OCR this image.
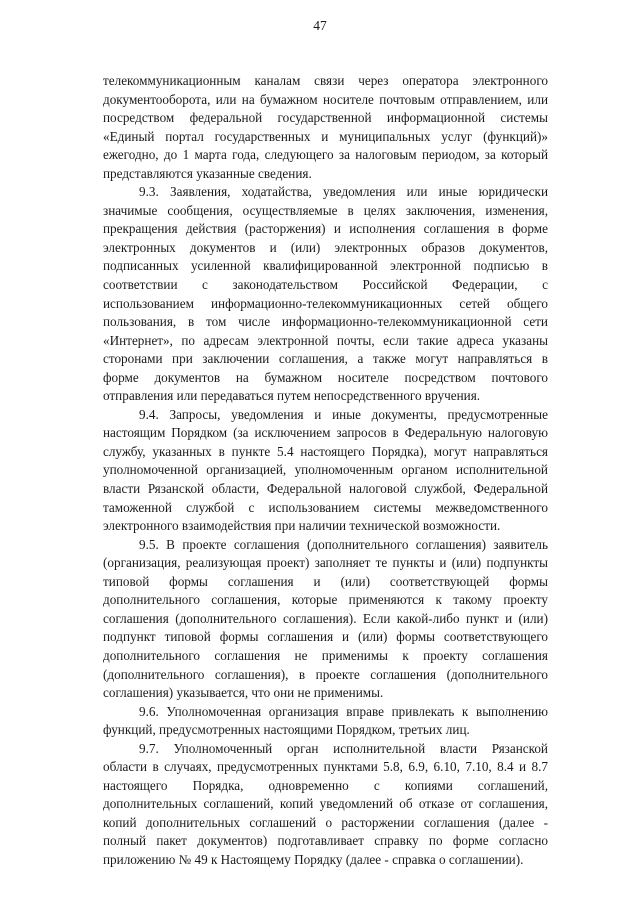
47
телекоммуникационным каналам связи через оператора электронного
документооборота, или на бумажном носителе почтовым отправлением, или
посредством федеральной государственной информационной системы
«Единый портал государственных и муниципальных услуг (функций)»
ежегодно, до 1 марта года, следующего за налоговым периодом, за который
представляются указанные сведения.
9.3. Заявления, ходатайства, уведомления или иные юридически
значимые сообщения, осуществляемые в целях заключения, изменения,
прекращения действия (расторжения) и исполнения соглашения в форме
электронных документов и (или) электронных образов документов,
подписанных усиленной квалифицированной электронной подписью в
соответствии с законодательством Российской Федерации, с
использованием информационно-телекоммуникационных сетей общего
пользования, в том числе информационно-телекоммуникационной сети
«Интернет», по адресам электронной почты, если такие адреса указаны
сторонами при заключении соглашения, а также могут направляться в
форме документов на бумажном носителе посредством почтового
отправления или передаваться путем непосредственного вручения.
9.4. Запросы, уведомления и иные документы, предусмотренные
настоящим Порядком (за исключением запросов в Федеральную налоговую
службу, указанных в пункте 5.4 настоящего Порядка), могут направляться
уполномоченной организацией, уполномоченным органом исполнительной
власти Рязанской области, Федеральной налоговой службой, Федеральной
таможенной службой с использованием системы межведомственного
электронного взаимодействия при наличии технической возможности.
9.5. В проекте соглашения (дополнительного соглашения) заявитель
(организация, реализующая проект) заполняет те пункты и (или) подпункты
типовой формы соглашения и (или) соответствующей формы
дополнительного соглашения, которые применяются к такому проекту
соглашения (дополнительного соглашения). Если какой-либо пункт и (или)
подпункт типовой формы соглашения и (или) формы соответствующего
дополнительного соглашения не применимы к проекту соглашения
(дополнительного соглашения), в проекте соглашения (дополнительного
соглашения) указывается, что они не применимы.
9.6. Уполномоченная организация вправе привлекать к выполнению
функций, предусмотренных настоящими Порядком, третьих лиц.
9.7. Уполномоченный орган исполнительной власти Рязанской
области в случаях, предусмотренных пунктами 5.8, 6.9, 6.10, 7.10, 8.4 и 8.7
настоящего Порядка, одновременно с копиями соглашений,
дополнительных соглашений, копий уведомлений об отказе от соглашения,
копий дополнительных соглашений о расторжении соглашения (далее -
полный пакет документов) подготавливает справку по форме согласно
приложению № 49 к Настоящему Порядку (далее - справка о соглашении).
